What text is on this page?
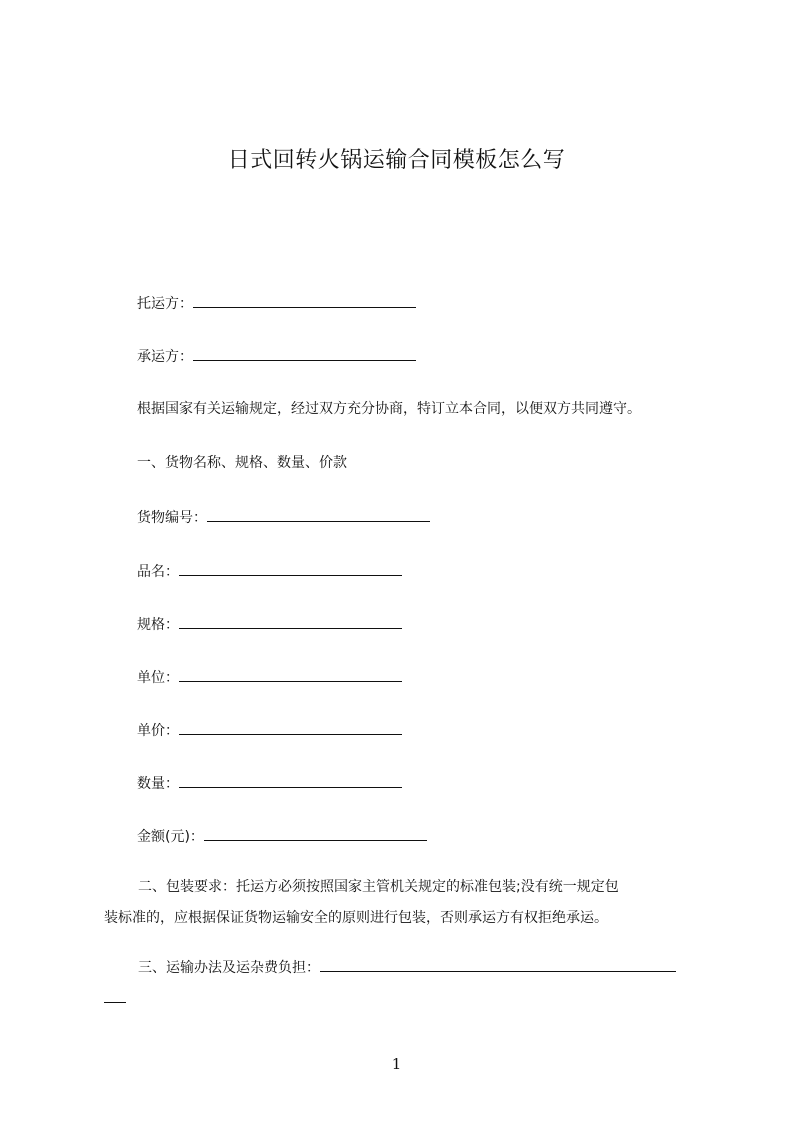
日式回转火锅运输合同模板怎么写
托运方：
承运方：
根据国家有关运输规定，经过双方充分协商，特订立本合同，以便双方共同遵守。
一、货物名称、规格、数量、价款
货物编号：
品名：
规格：
单位：
单价：
数量：
金额(元)：
二、包装要求：托运方必须按照国家主管机关规定的标准包装;没有统一规定包
装标准的，应根据保证货物运输安全的原则进行包装，否则承运方有权拒绝承运。
三、运输办法及运杂费负担：
1
